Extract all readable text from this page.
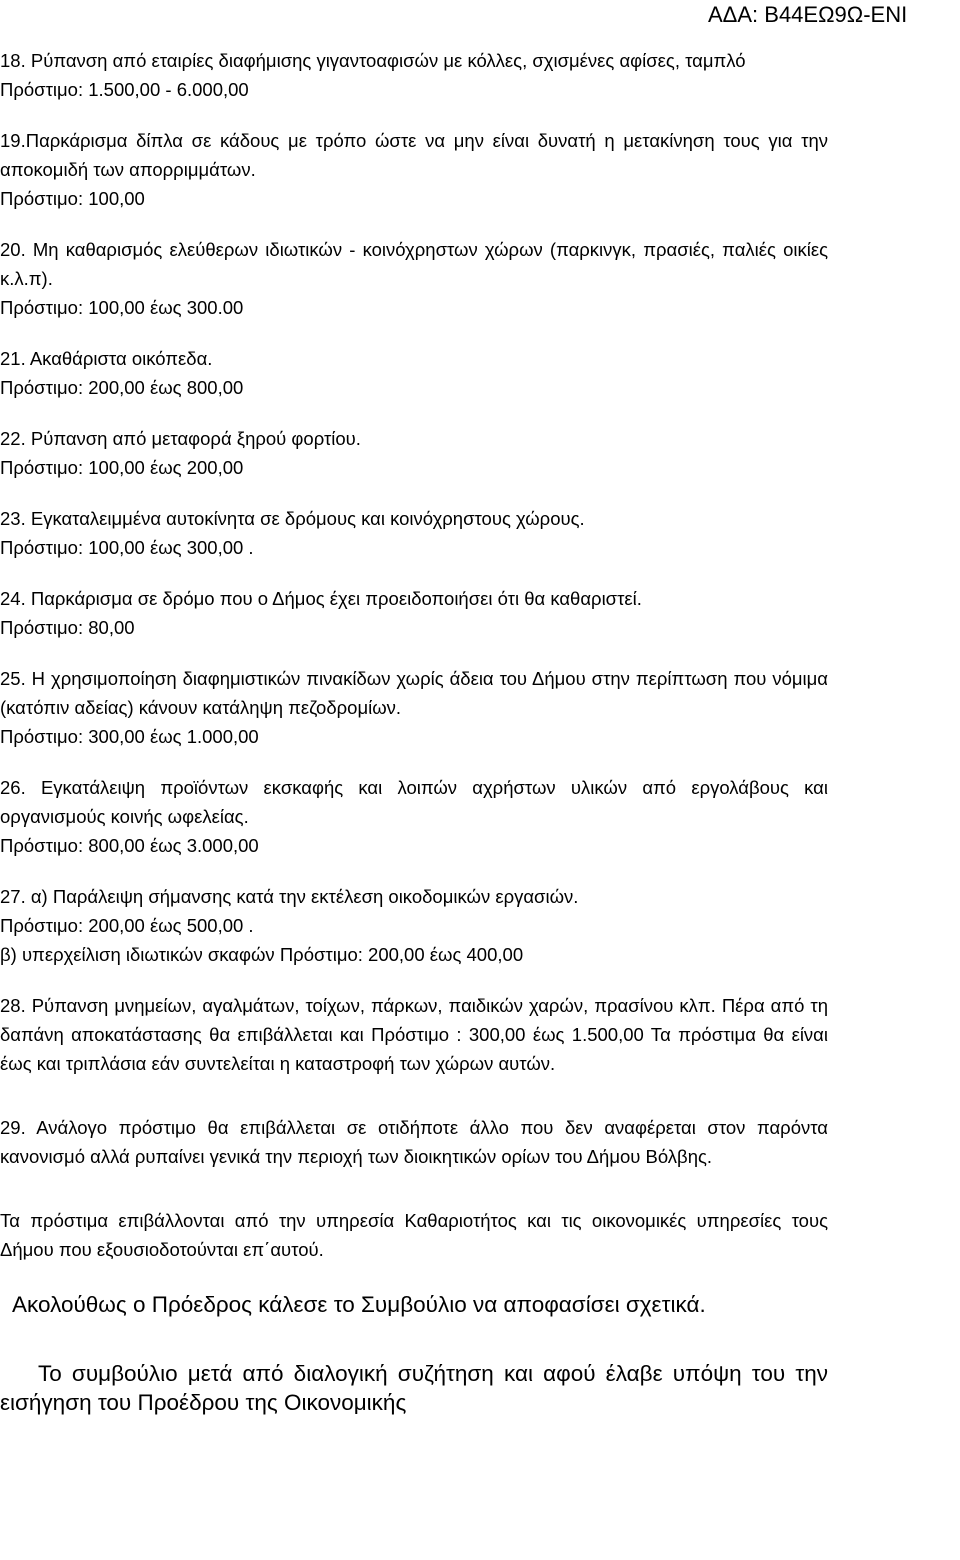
ΑΔΑ: Β44ΕΩ9Ω-ΕΝΙ
18. Ρύπανση από εταιρίες διαφήμισης γιγαντοαφισών με κόλλες, σχισμένες αφίσες, ταμπλό
Πρόστιμο: 1.500,00 - 6.000,00
19.Παρκάρισμα δίπλα σε κάδους με τρόπο ώστε να μην είναι δυνατή η μετακίνηση τους για την αποκομιδή των απορριμμάτων.
Πρόστιμο: 100,00
20. Μη καθαρισμός ελεύθερων ιδιωτικών - κοινόχρηστων χώρων (παρκινγκ, πρασιές, παλιές οικίες κ.λ.π).
Πρόστιμο: 100,00 έως 300.00
21. Ακαθάριστα οικόπεδα.
Πρόστιμο: 200,00 έως 800,00
22. Ρύπανση από μεταφορά ξηρού φορτίου.
Πρόστιμο: 100,00 έως 200,00
23. Εγκαταλειμμένα αυτοκίνητα σε δρόμους και κοινόχρηστους χώρους.
Πρόστιμο: 100,00 έως 300,00 .
24. Παρκάρισμα σε δρόμο που ο Δήμος έχει προειδοποιήσει ότι θα καθαριστεί.
Πρόστιμο: 80,00
25. Η χρησιμοποίηση διαφημιστικών πινακίδων χωρίς άδεια του Δήμου στην περίπτωση που νόμιμα (κατόπιν αδείας) κάνουν κατάληψη πεζοδρομίων.
Πρόστιμο: 300,00 έως 1.000,00
26. Εγκατάλειψη προϊόντων εκσκαφής και λοιπών αχρήστων υλικών από εργολάβους και οργανισμούς κοινής ωφελείας.
Πρόστιμο: 800,00 έως 3.000,00
27. α) Παράλειψη σήμανσης κατά την εκτέλεση οικοδομικών εργασιών.
Πρόστιμο: 200,00 έως 500,00 .
β) υπερχείλιση ιδιωτικών σκαφών Πρόστιμο: 200,00 έως 400,00
28. Ρύπανση μνημείων, αγαλμάτων, τοίχων, πάρκων, παιδικών χαρών, πρασίνου κλπ. Πέρα από τη δαπάνη αποκατάστασης θα επιβάλλεται και Πρόστιμο : 300,00 έως 1.500,00 Τα πρόστιμα θα είναι έως και τριπλάσια εάν συντελείται η καταστροφή των χώρων αυτών.
29. Ανάλογο πρόστιμο θα επιβάλλεται σε οτιδήποτε άλλο που δεν αναφέρεται στον παρόντα κανονισμό αλλά ρυπαίνει γενικά την περιοχή των διοικητικών ορίων του Δήμου Βόλβης.
Τα πρόστιμα επιβάλλονται από την υπηρεσία Καθαριοτήτος και τις οικονομικές υπηρεσίες τους Δήμου που εξουσιοδοτούνται επ΄αυτού.
Ακολούθως ο Πρόεδρος κάλεσε το Συμβούλιο να αποφασίσει σχετικά.
Το συμβούλιο μετά από διαλογική συζήτηση και αφού έλαβε υπόψη του την εισήγηση του Προέδρου της Οικονομικής
